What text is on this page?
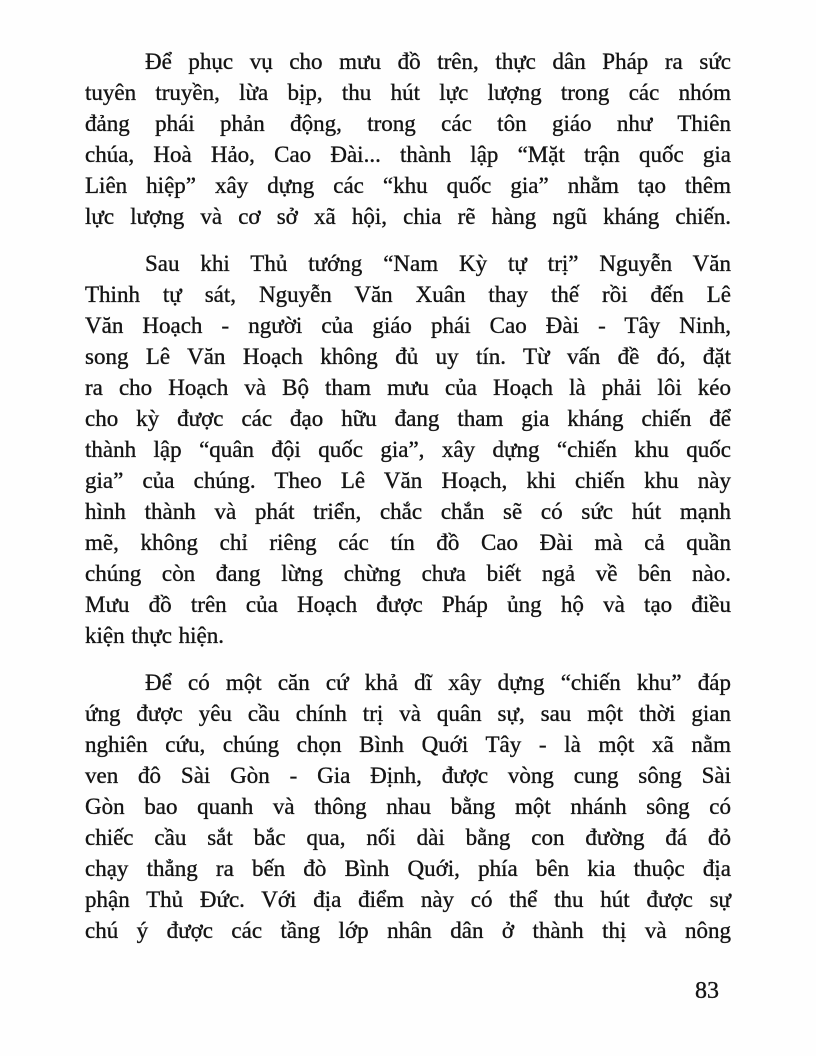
Để phục vụ cho mưu đồ trên, thực dân Pháp ra sức
tuyên truyền, lừa bịp, thu hút lực lượng trong các nhóm
đảng phái phản động, trong các tôn giáo như Thiên
chúa, Hoà Hảo, Cao Đài... thành lập “Mặt trận quốc gia
Liên hiệp” xây dựng các “khu quốc gia” nhằm tạo thêm
lực lượng và cơ sở xã hội, chia rẽ hàng ngũ kháng chiến.
Sau khi Thủ tướng “Nam Kỳ tự trị” Nguyễn Văn
Thinh tự sát, Nguyễn Văn Xuân thay thế rồi đến Lê
Văn Hoạch - người của giáo phái Cao Đài - Tây Ninh,
song Lê Văn Hoạch không đủ uy tín. Từ vấn đề đó, đặt
ra cho Hoạch và Bộ tham mưu của Hoạch là phải lôi kéo
cho kỳ được các đạo hữu đang tham gia kháng chiến để
thành lập “quân đội quốc gia”, xây dựng “chiến khu quốc
gia” của chúng. Theo Lê Văn Hoạch, khi chiến khu này
hình thành và phát triển, chắc chắn sẽ có sức hút mạnh
mẽ, không chỉ riêng các tín đồ Cao Đài mà cả quần
chúng còn đang lừng chừng chưa biết ngả về bên nào.
Mưu đồ trên của Hoạch được Pháp ủng hộ và tạo điều
kiện thực hiện.
Để có một căn cứ khả dĩ xây dựng “chiến khu” đáp
ứng được yêu cầu chính trị và quân sự, sau một thời gian
nghiên cứu, chúng chọn Bình Quới Tây - là một xã nằm
ven đô Sài Gòn - Gia Định, được vòng cung sông Sài
Gòn bao quanh và thông nhau bằng một nhánh sông có
chiếc cầu sắt bắc qua, nối dài bằng con đường đá đỏ
chạy thẳng ra bến đò Bình Quới, phía bên kia thuộc địa
phận Thủ Đức. Với địa điểm này có thể thu hút được sự
chú ý được các tầng lớp nhân dân ở thành thị và nông
83
